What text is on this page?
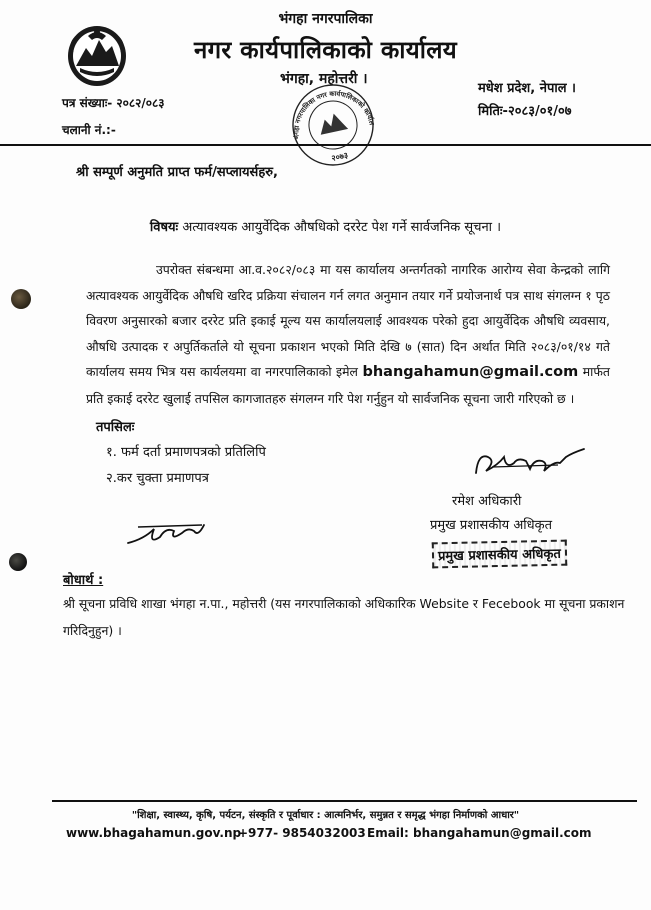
भंगहा नगरपालिका
नगर कार्यपालिकाको कार्यालय
भंगहा, महोत्तरी ।
मधेश प्रदेश, नेपाल ।
पत्र संख्याः- २०८२/०८३
मितिः-२०८३/०१/०७
चलानी नं.:-
भंगहा नगरपालिका नगर कार्यपालिकाको कार्यालय
२०७३
श्री सम्पूर्ण अनुमति प्राप्त फर्म/सप्लायर्सहरु,
विषयः अत्यावश्यक आयुर्वेदिक औषधिको दररेट पेश गर्ने सार्वजनिक सूचना ।

उपरोक्त संबन्धमा आ.व.२०८२/०८३ मा यस कार्यालय अन्तर्गतको नागरिक आरोग्य सेवा केन्द्रको लागि अत्यावश्यक आयुर्वेदिक औषधि खरिद प्रक्रिया संचालन गर्न लगत अनुमान तयार गर्ने प्रयोजनार्थ पत्र साथ संगलग्न १ पृठ विवरण अनुसारको बजार दररेट प्रति इकाई मूल्य यस कार्यालयलाई आवश्यक परेको हुदा आयुर्वेदिक औषधि व्यवसाय, औषधि उत्पादक र अपुर्तिकर्ताले यो सूचना प्रकाशन भएको मिति देखि ७ (सात) दिन अर्थात मिति २०८३/०१/१४ गते कार्यालय समय भित्र यस कार्यलयमा वा नगरपालिकाको इमेल bhangahamun@gmail.com मार्फत प्रति इकाई दररेट खुलाई तपसिल कागजातहरु संगलग्न गरि पेश गर्नुहुन यो सार्वजनिक सूचना जारी गरिएको छ ।

तपसिलः
१. फर्म दर्ता प्रमाणपत्रको प्रतिलिपि
२.कर चुक्ता प्रमाणपत्र
रमेश अधिकारी
प्रमुख प्रशासकीय अधिकृत
प्रमुख प्रशासकीय अधिकृत
बोधार्थ :
श्री सूचना प्रविधि शाखा भंगहा न.पा., महोत्तरी (यस नगरपालिकाको अधिकारिक Website र Fecebook मा सूचना प्रकाशन गरिदिनुहुन) ।
"शिक्षा, स्वास्थ्य, कृषि, पर्यटन, संस्कृति र पूर्वाधार : आत्मनिर्भर, समुन्नत र समृद्ध भंगहा निर्माणको आधार"
www.bhagahamun.gov.np
+977- 9854032003 Email: bhangahamun@gmail.com
